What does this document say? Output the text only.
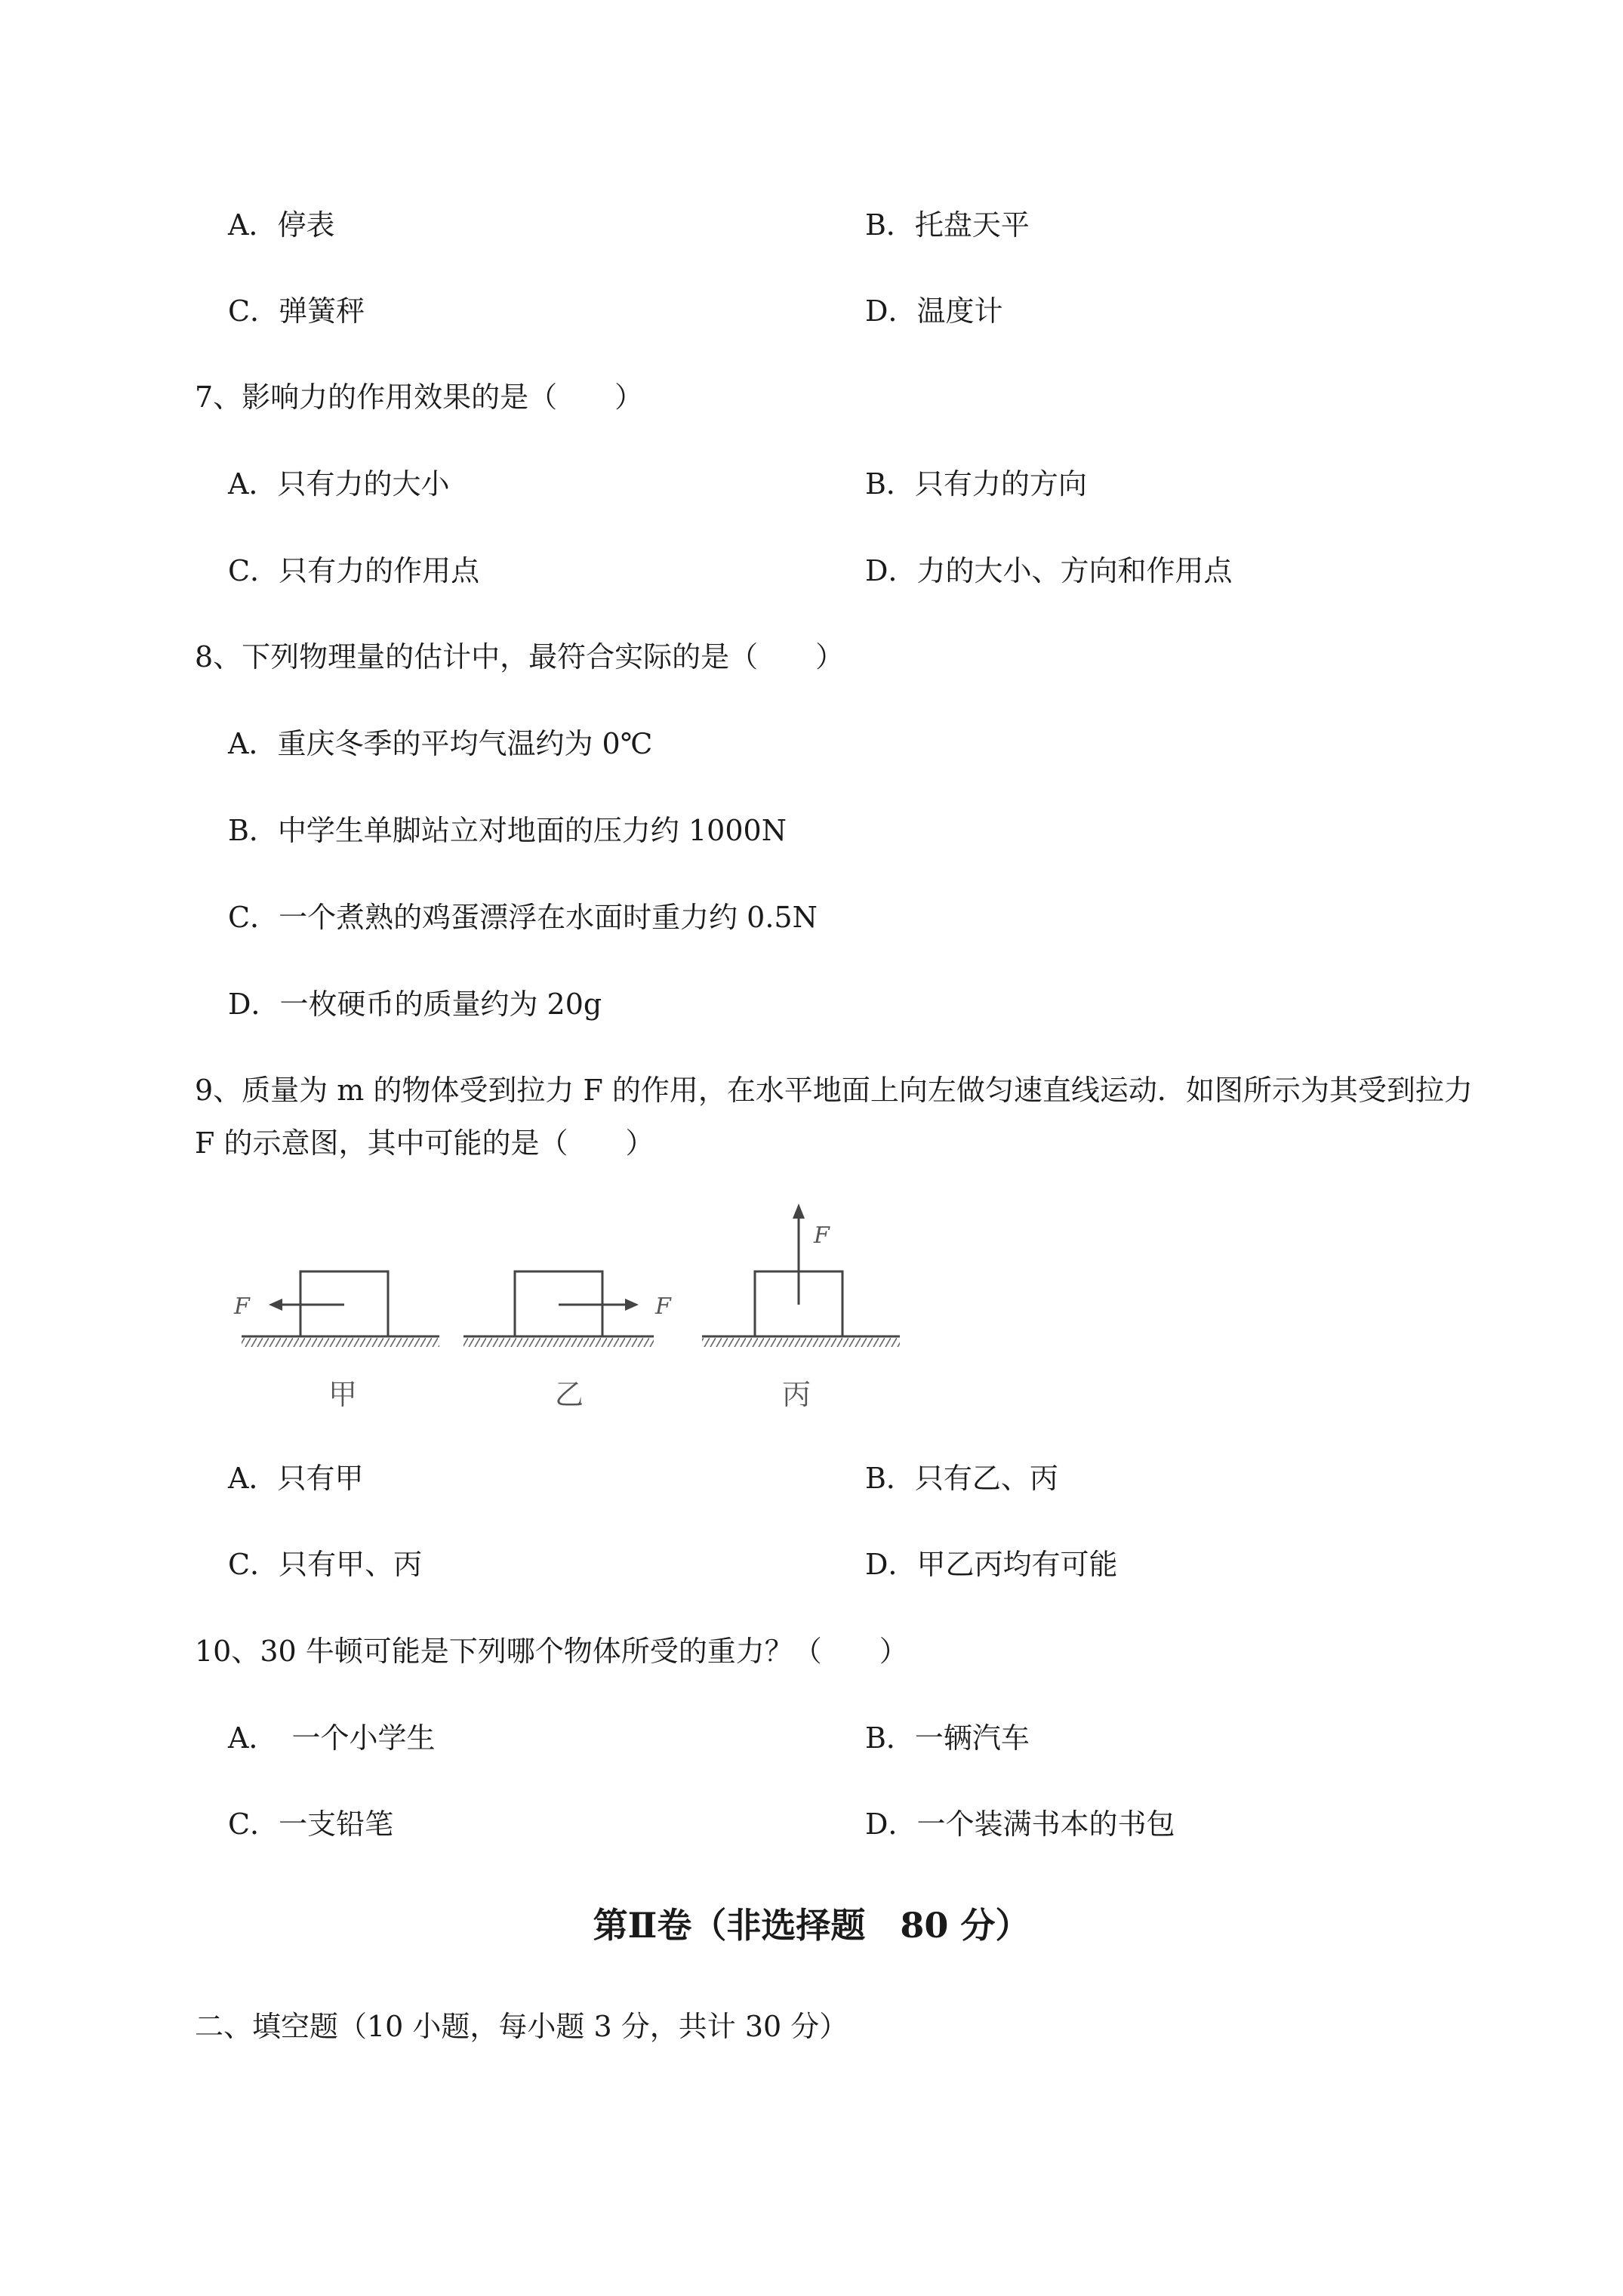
A．停表	B．托盘天平
C．弹簧秤	D．温度计
7、影响力的作用效果的是（　　）
A．只有力的大小	B．只有力的方向
C．只有力的作用点	D．力的大小、方向和作用点
8、下列物理量的估计中，最符合实际的是（　　）
A．重庆冬季的平均气温约为 0℃
B．中学生单脚站立对地面的压力约 1000N
C．一个煮熟的鸡蛋漂浮在水面时重力约 0.5N
D．一枚硬币的质量约为 20g
9、质量为 m 的物体受到拉力 F 的作用，在水平地面上向左做匀速直线运动．如图所示为其受到拉力
F 的示意图，其中可能的是（　　）
F
甲
F
乙
F
丙
A．只有甲	B．只有乙、丙
C．只有甲、丙	D．甲乙丙均有可能
10、30 牛顿可能是下列哪个物体所受的重力？（　　）
A．　一个小学生	B．一辆汽车
C．一支铅笔	D．一个装满书本的书包
第Ⅱ卷（非选择题　80 分）
二、填空题（10 小题，每小题 3 分，共计 30 分）
